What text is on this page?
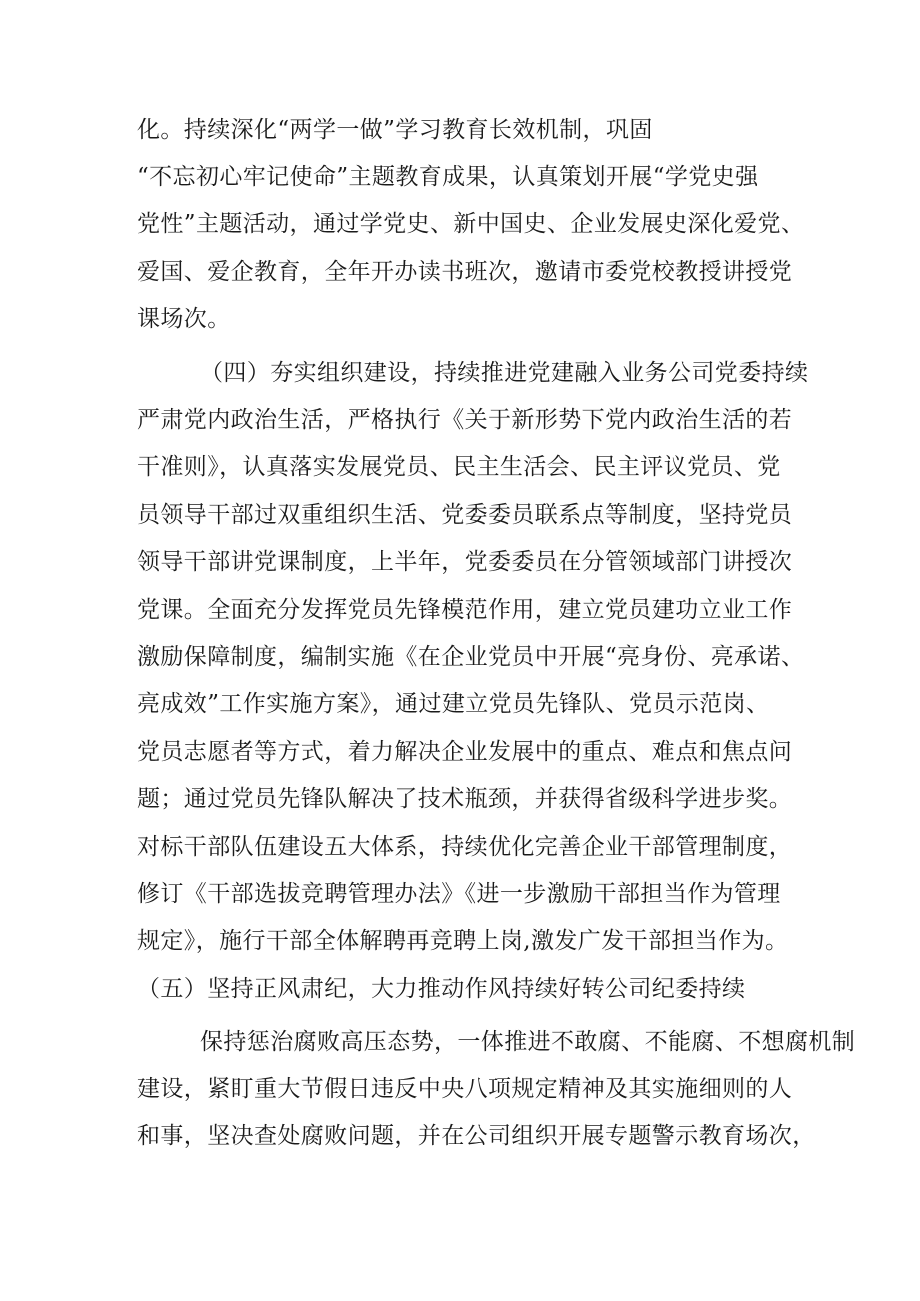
化。持续深化“两学一做”学习教育长效机制，巩固
“不忘初心牢记使命”主题教育成果，认真策划开展“学党史强
党性”主题活动，通过学党史、新中国史、企业发展史深化爱党、
爱国、爱企教育，全年开办读书班次，邀请市委党校教授讲授党
课场次。
（四）夯实组织建设，持续推进党建融入业务公司党委持续
严肃党内政治生活，严格执行《关于新形势下党内政治生活的若
干准则》，认真落实发展党员、民主生活会、民主评议党员、党
员领导干部过双重组织生活、党委委员联系点等制度，坚持党员
领导干部讲党课制度，上半年，党委委员在分管领域部门讲授次
党课。全面充分发挥党员先锋模范作用，建立党员建功立业工作
激励保障制度，编制实施《在企业党员中开展“亮身份、亮承诺、
亮成效”工作实施方案》，通过建立党员先锋队、党员示范岗、
党员志愿者等方式，着力解决企业发展中的重点、难点和焦点问
题；通过党员先锋队解决了技术瓶颈，并获得省级科学进步奖。
对标干部队伍建设五大体系，持续优化完善企业干部管理制度，
修订《干部选拔竞聘管理办法》《进一步激励干部担当作为管理
规定》，施行干部全体解聘再竞聘上岗,激发广发干部担当作为。
（五）坚持正风肃纪，大力推动作风持续好转公司纪委持续
保持惩治腐败高压态势，一体推进不敢腐、不能腐、不想腐机制
建设，紧盯重大节假日违反中央八项规定精神及其实施细则的人
和事，坚决查处腐败问题，并在公司组织开展专题警示教育场次，
